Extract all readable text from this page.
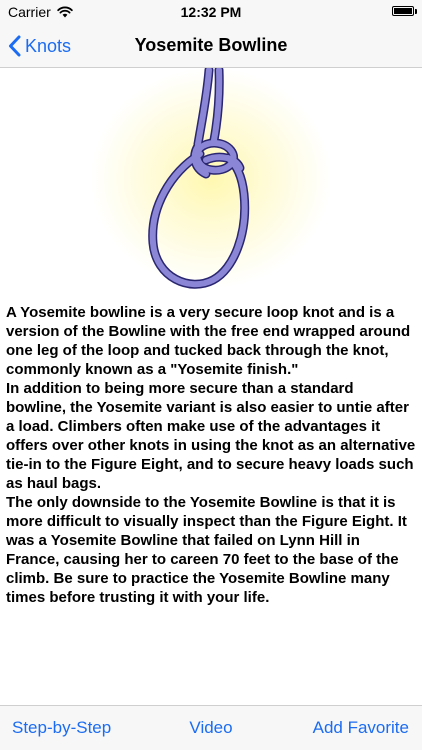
Carrier	12:32 PM
Knots	Yosemite Bowline

A Yosemite bowline is a very secure loop knot and is a version of the Bowline with the free end wrapped around one leg of the loop and tucked back through the knot, commonly known as a "Yosemite finish."

In addition to being more secure than a standard bowline, the Yosemite variant is also easier to untie after a load. Climbers often make use of the advantages it offers over other knots in using the knot as an alternative tie-in to the Figure Eight, and to secure heavy loads such as haul bags.

The only downside to the Yosemite Bowline is that it is more difficult to visually inspect than the Figure Eight. It was a Yosemite Bowline that failed on Lynn Hill in France, causing her to careen 70 feet to the base of the climb. Be sure to practice the Yosemite Bowline many times before trusting it with your life.

Step-by-Step	Video	Add Favorite
